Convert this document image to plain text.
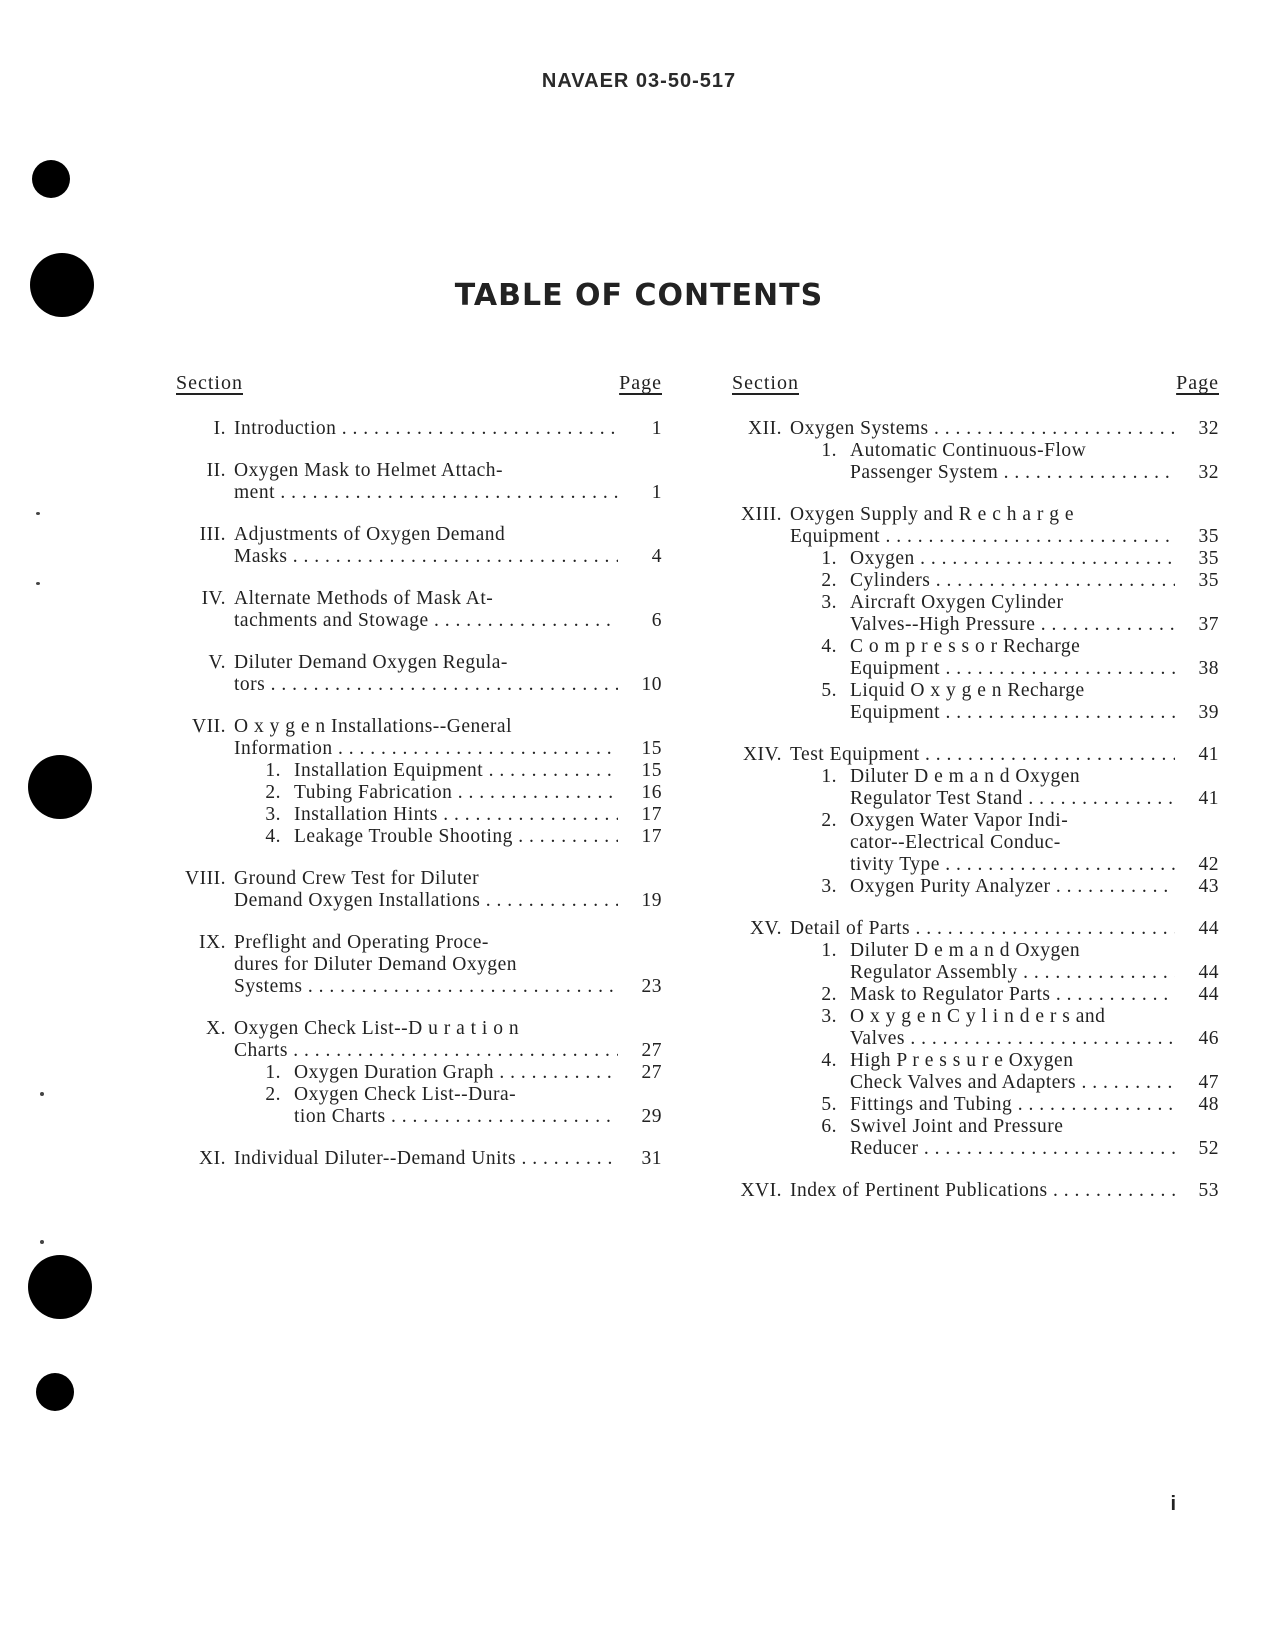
NAVAER 03-50-517
TABLE OF CONTENTS
Section	Page
I. Introduction . . .	1
II. Oxygen Mask to Helmet Attach-
ment . . .	1
III. Adjustments of Oxygen Demand
Masks . . .	4
IV. Alternate Methods of Mask At-
tachments and Stowage . . .	6
V. Diluter Demand Oxygen Regula-
tors . . .	10
VII. O x y g e n Installations--General
Information . . .	15
1. Installation Equipment . . .	15
2. Tubing Fabrication . . .	16
3. Installation Hints . . .	17
4. Leakage Trouble Shooting . . .	17
VIII. Ground Crew Test for Diluter
Demand Oxygen Installations . . .	19
IX. Preflight and Operating Proce-
dures for Diluter Demand Oxygen
Systems . . .	23
X. Oxygen Check List--D u r a t i o n
Charts . . .	27
1. Oxygen Duration Graph . . .	27
2. Oxygen Check List--Dura-
tion Charts . . .	29
XI. Individual Diluter--Demand Units . . .	31
Section	Page
XII. Oxygen Systems . . .	32
1. Automatic Continuous-Flow
Passenger System . . .	32
XIII. Oxygen Supply and R e c h a r g e
Equipment . . .	35
1. Oxygen . . .	35
2. Cylinders . . .	35
3. Aircraft Oxygen Cylinder
Valves--High Pressure . . .	37
4. C o m p r e s s o r Recharge
Equipment . . .	38
5. Liquid O x y g e n Recharge
Equipment . . .	39
XIV. Test Equipment . . .	41
1. Diluter D e m a n d Oxygen
Regulator Test Stand . . .	41
2. Oxygen Water Vapor Indi-
cator--Electrical Conduc-
tivity Type . . .	42
3. Oxygen Purity Analyzer . . .	43
XV. Detail of Parts . . .	44
1. Diluter D e m a n d Oxygen
Regulator Assembly . . .	44
2. Mask to Regulator Parts . . .	44
3. O x y g e n C y l i n d e r s and
Valves . . .	46
4. High P r e s s u r e Oxygen
Check Valves and Adapters . . .	47
5. Fittings and Tubing . . .	48
6. Swivel Joint and Pressure
Reducer . . .	52
XVI. Index of Pertinent Publications . . .	53
i
